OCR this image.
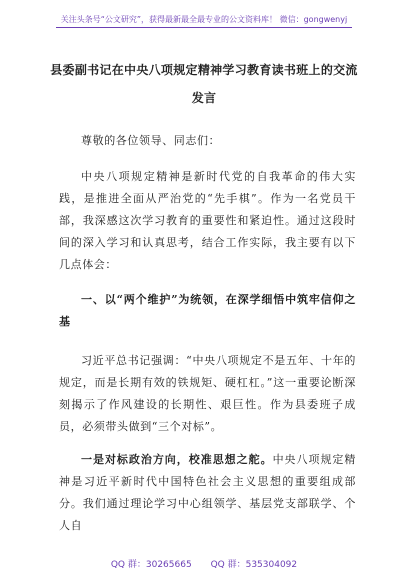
关注头条号“公文研究”，获得最新最全最专业的公文资料库！ 微信：gongwenyj
县委副书记在中央八项规定精神学习教育读书班上的交流
发言
尊敬的各位领导、同志们：
中央八项规定精神是新时代党的自我革命的伟大实践，是推进全面从严治党的“先手棋”。作为一名党员干部，我深感这次学习教育的重要性和紧迫性。通过这段时间的深入学习和认真思考，结合工作实际，我主要有以下几点体会：
一、以“两个维护”为统领，在深学细悟中筑牢信仰之基
习近平总书记强调：“中央八项规定不是五年、十年的规定，而是长期有效的铁规矩、硬杠杠。”这一重要论断深刻揭示了作风建设的长期性、艰巨性。作为县委班子成员，必须带头做到“三个对标”。
一是对标政治方向，校准思想之舵。中央八项规定精神是习近平新时代中国特色社会主义思想的重要组成部分。我们通过理论学习中心组领学、基层党支部联学、个人自
QQ 群：30265665 QQ 群：535304092
